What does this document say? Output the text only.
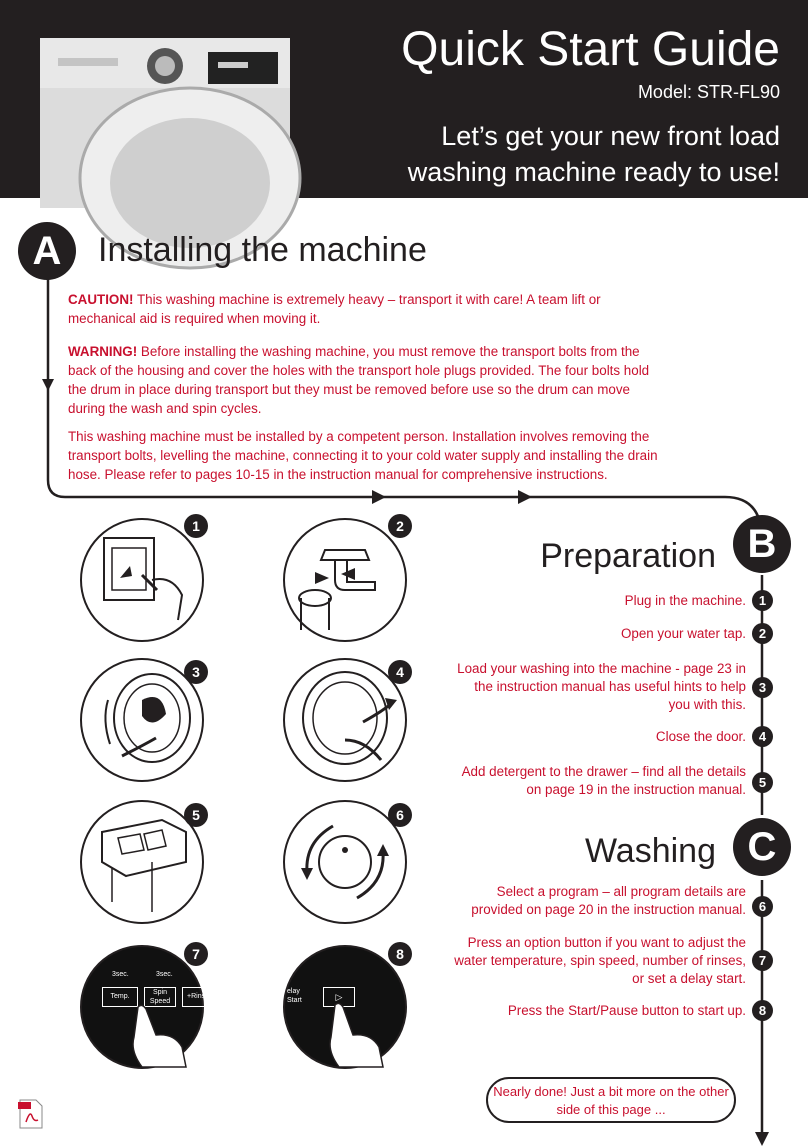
Quick Start Guide
Model: STR-FL90
Let’s get your new front load washing machine ready to use!
A	Installing the machine

CAUTION! This washing machine is extremely heavy – transport it with care! A team lift or mechanical aid is required when moving it.

WARNING! Before installing the washing machine, you must remove the transport bolts from the back of the housing and cover the holes with the transport hole plugs provided. The four bolts hold the drum in place during transport but they must be removed before use so the drum can move during the wash and spin cycles.

This washing machine must be installed by a competent person. Installation involves removing the transport bolts, levelling the machine, connecting it to your cold water supply and installing the drain hose. Please refer to pages 10-15 in the instruction manual for comprehensive instructions.

Preparation B
Plug in the machine. 1
Open your water tap. 2
Load your washing into the machine - page 23 in the instruction manual has useful hints to help you with this.
3
Close the door. 4
Add detergent to the drawer – find all the details on page 19 in the instruction manual. 5
Washing C
Select a program – all program details are provided on page 20 in the instruction manual. 6
Press an option button if you want to adjust the water temperature, spin speed, number of rinses, or set a delay start.
7
Press the Start/Pause button to start up. 8
1	2
3	4
5	6
3sec.	3sec.
Temp.
Spin Speed
+Rinse
7
elay Start	▷
8
Nearly done! Just a bit more on the other side of this page ...
